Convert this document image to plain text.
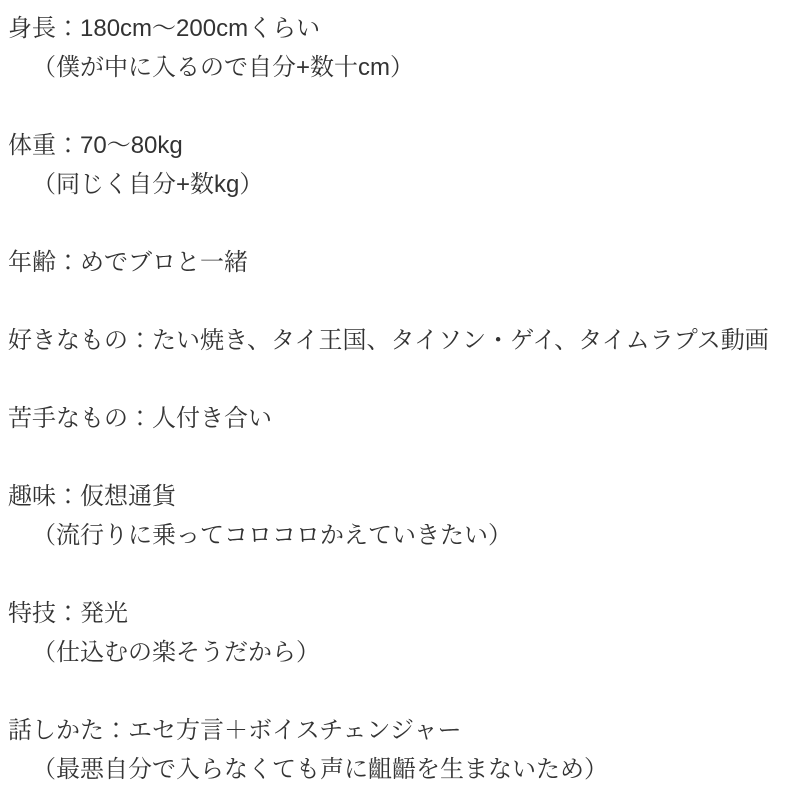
身長：180cm～200cmくらい
（僕が中に入るので自分+数十cm）
体重：70～80kg
（同じく自分+数kg）
年齢：めでブロと一緒
好きなもの：たい焼き、タイ王国、タイソン・ゲイ、タイムラプス動画
苦手なもの：人付き合い
趣味：仮想通貨
（流行りに乗ってコロコロかえていきたい）
特技：発光
（仕込むの楽そうだから）
話しかた：エセ方言＋ボイスチェンジャー
（最悪自分で入らなくても声に齟齬を生まないため）
